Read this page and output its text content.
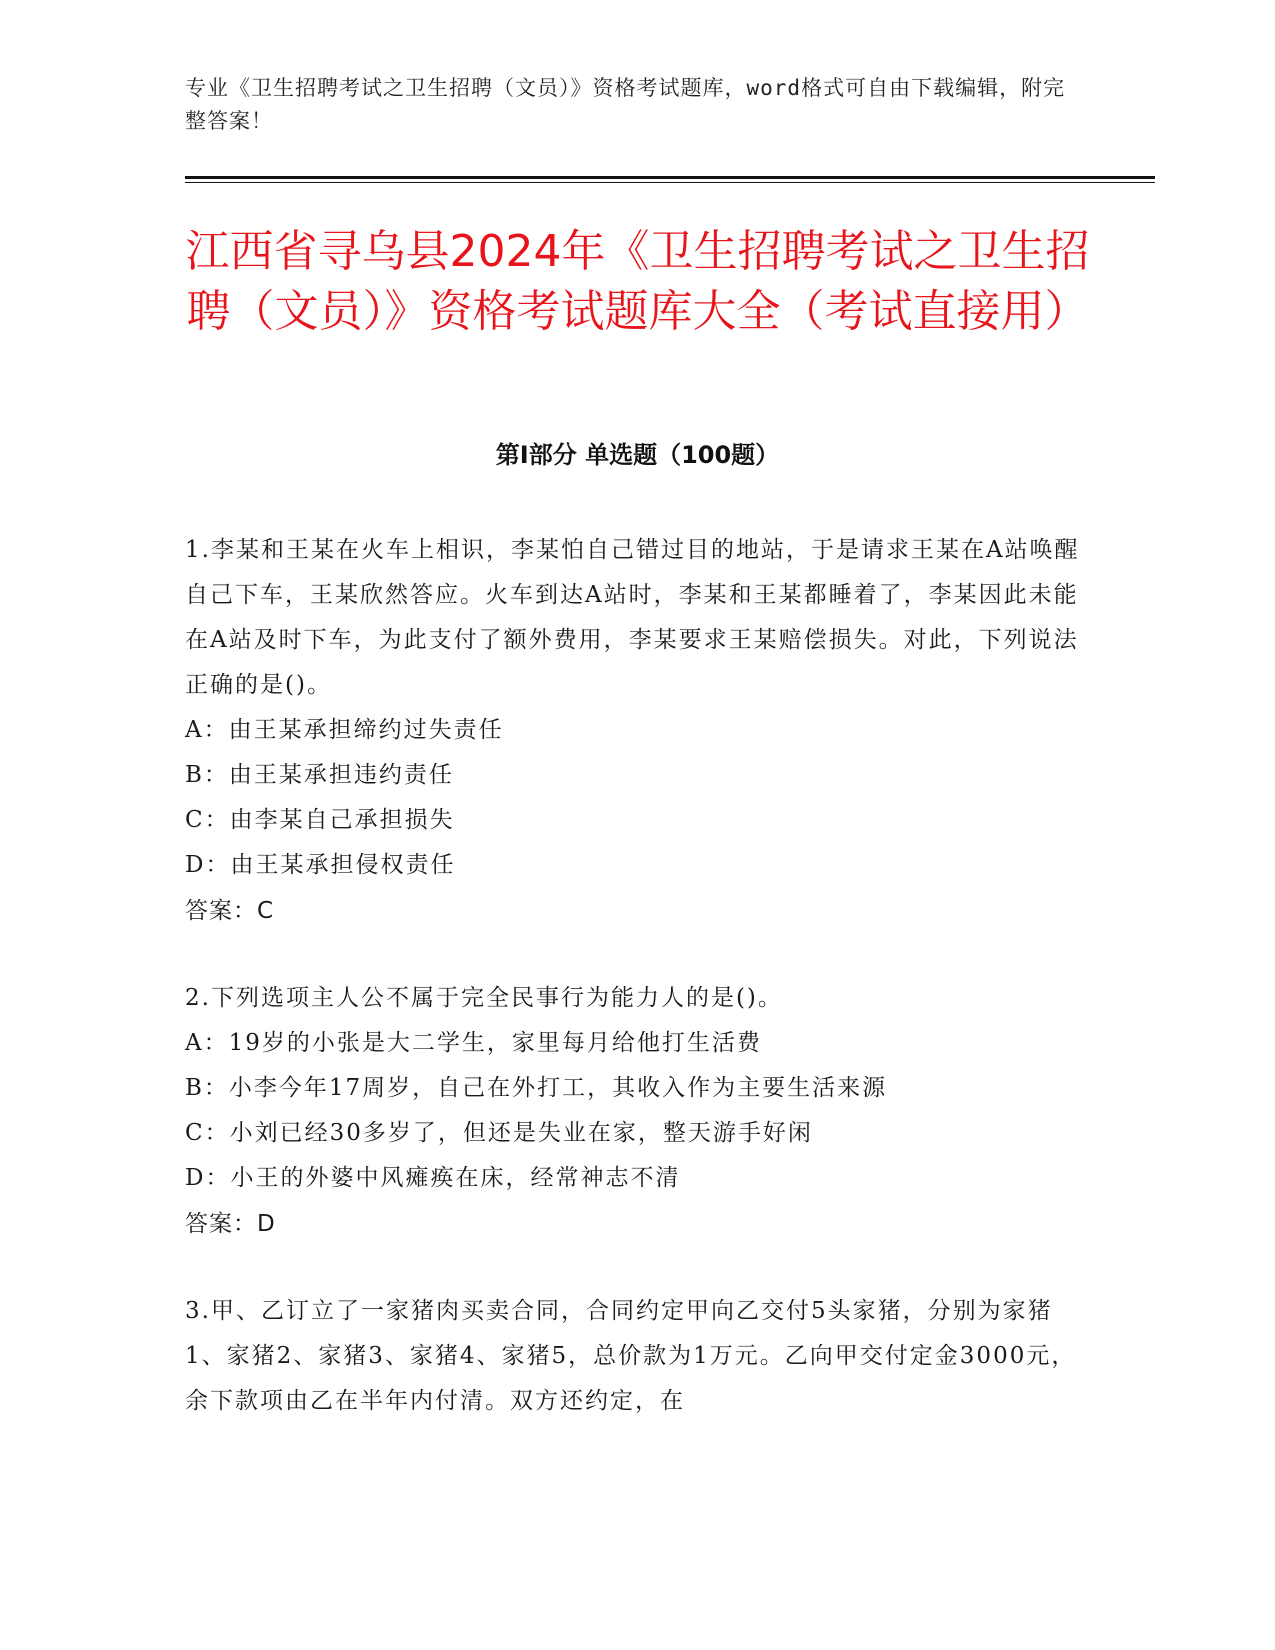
专业《卫生招聘考试之卫生招聘（文员）》资格考试题库，word格式可自由下载编辑，附完整答案！
江西省寻乌县2024年《卫生招聘考试之卫生招聘（文员）》资格考试题库大全（考试直接用）
第Ⅰ部分 单选题（100题）

1.李某和王某在火车上相识，李某怕自己错过目的地站，于是请求王某在A站唤醒自己下车，王某欣然答应。火车到达A站时，李某和王某都睡着了，李某因此未能在A站及时下车，为此支付了额外费用，李某要求王某赔偿损失。对此，下列说法正确的是()。

A：由王某承担缔约过失责任

B：由王某承担违约责任

C：由李某自己承担损失

D：由王某承担侵权责任

答案：C

2.下列选项主人公不属于完全民事行为能力人的是()。

A：19岁的小张是大二学生，家里每月给他打生活费

B：小李今年17周岁，自己在外打工，其收入作为主要生活来源

C：小刘已经30多岁了，但还是失业在家，整天游手好闲

D：小王的外婆中风瘫痪在床，经常神志不清

答案：D

3.甲、乙订立了一家猪肉买卖合同，合同约定甲向乙交付5头家猪，分别为家猪1、家猪2、家猪3、家猪4、家猪5，总价款为1万元。乙向甲交付定金3000元，余下款项由乙在半年内付清。双方还约定，在
